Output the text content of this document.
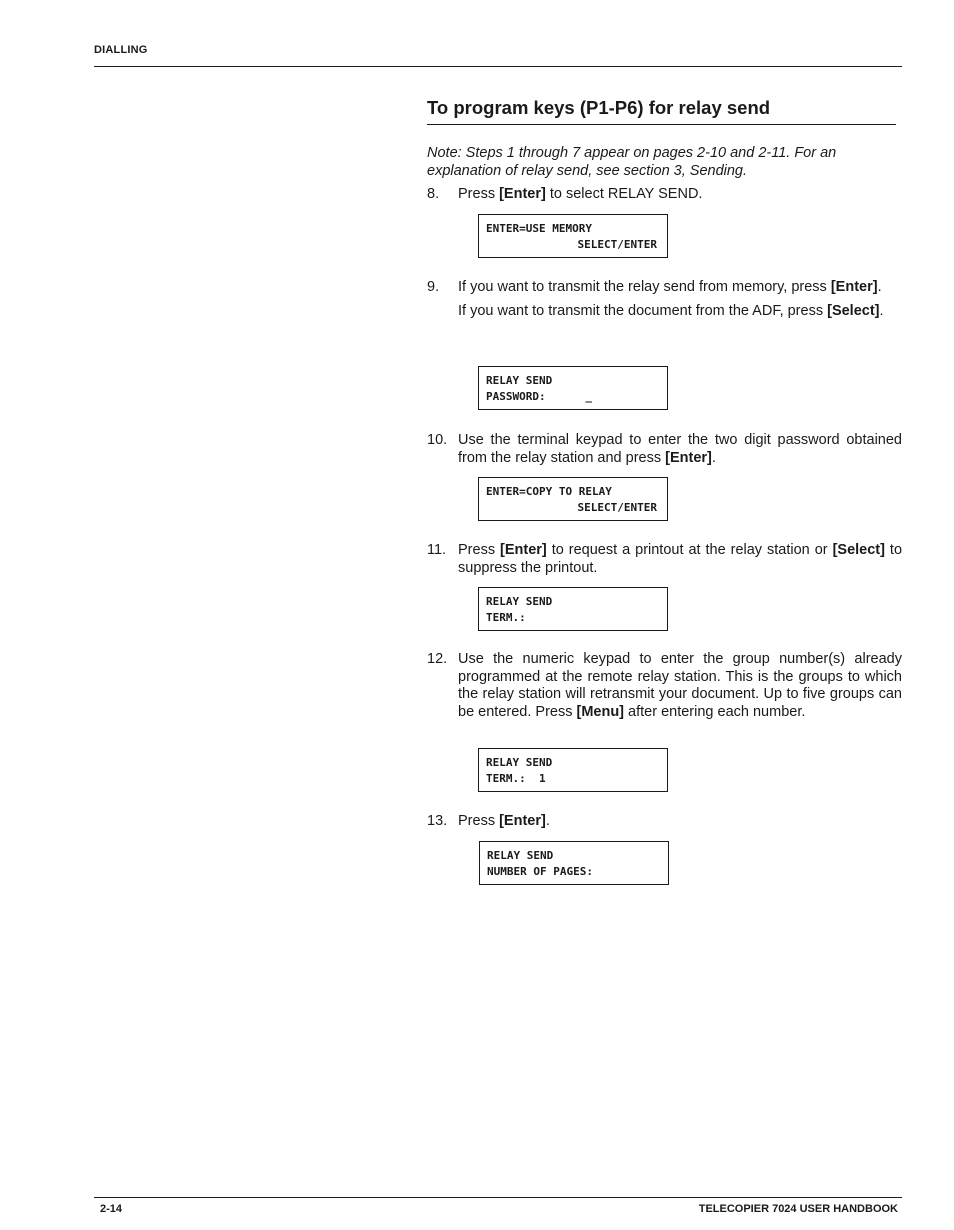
DIALLING
To program keys (P1-P6) for relay send
Note: Steps 1 through 7 appear on pages 2-10 and 2-11. For an explanation of relay send, see section 3, Sending.
8. Press [Enter] to select RELAY SEND.
ENTER=USE MEMORY
SELECT/ENTER
9. If you want to transmit the relay send from memory, press [Enter].
If you want to transmit the document from the ADF, press [Select].
RELAY SEND
PASSWORD:      _
10. Use the terminal keypad to enter the two digit password obtained from the relay station and press [Enter].
ENTER=COPY TO RELAY
SELECT/ENTER
11. Press [Enter] to request a printout at the relay station or [Select] to suppress the printout.
RELAY SEND
TERM.:
12. Use the numeric keypad to enter the group number(s) already programmed at the remote relay station. This is the groups to which the relay station will retransmit your document. Up to five groups can be entered. Press [Menu] after entering each number.
RELAY SEND
TERM.:  1
13. Press [Enter].
RELAY SEND
NUMBER OF PAGES:
2-14	TELECOPIER 7024 USER HANDBOOK
